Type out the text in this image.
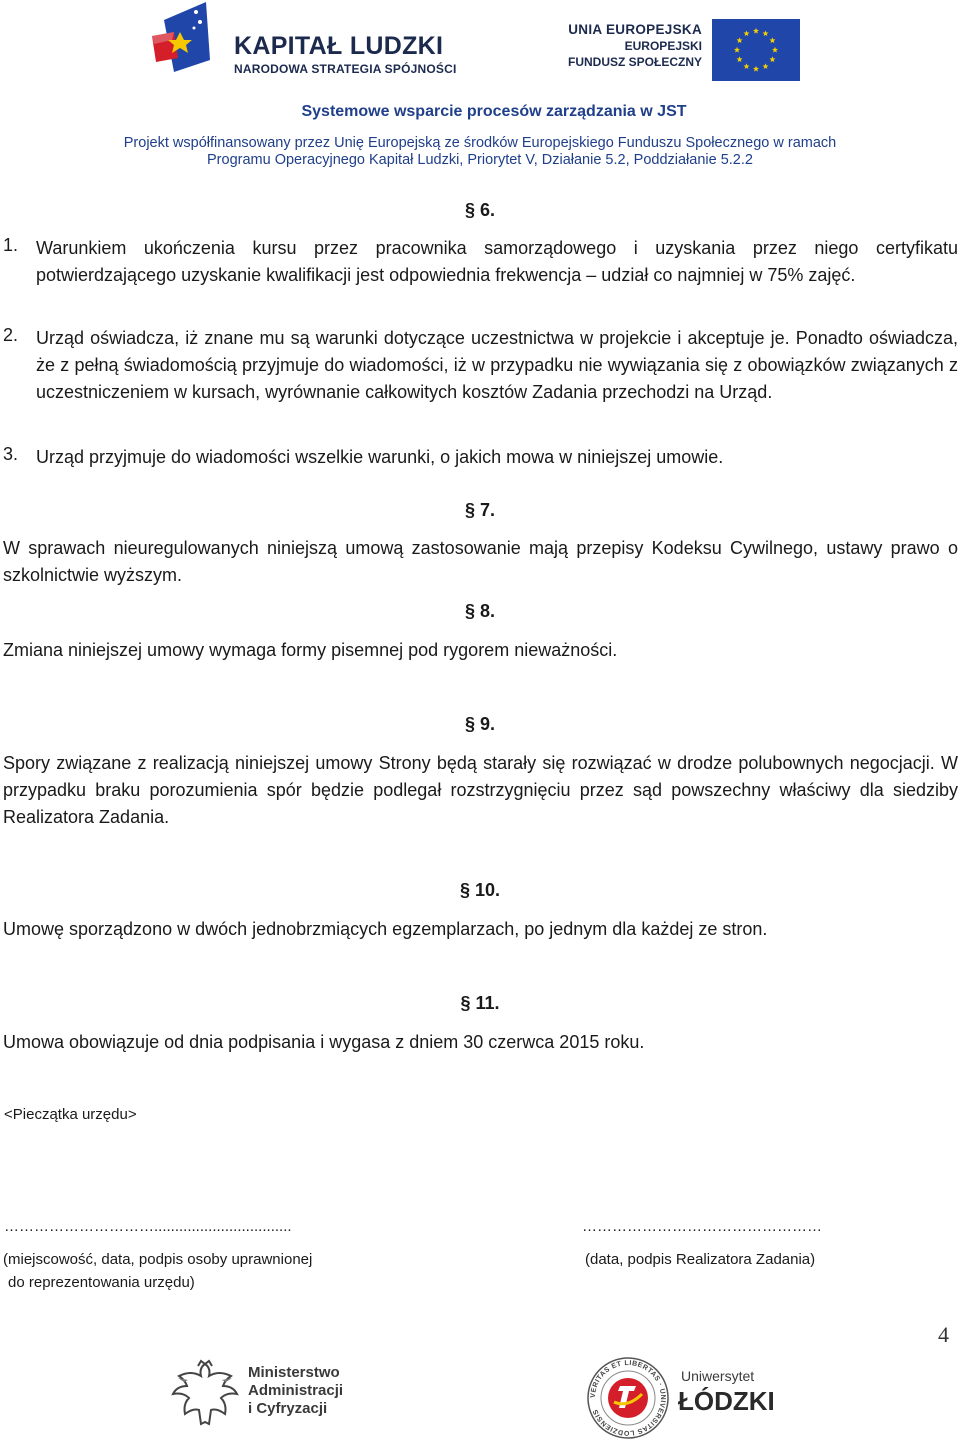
KAPITAŁ LUDZKI
NARODOWA STRATEGIA SPÓJNOŚCI
UNIA EUROPEJSKA
EUROPEJSKI
FUNDUSZ SPOŁECZNY
Systemowe wsparcie procesów zarządzania w JST
Projekt współfinansowany przez Unię Europejską ze środków Europejskiego Funduszu Społecznego w ramach
Programu Operacyjnego Kapitał Ludzki, Priorytet V, Działanie 5.2, Poddziałanie 5.2.2
§ 6.
1. Warunkiem ukończenia kursu przez pracownika samorządowego i uzyskania przez niego certyfikatu potwierdzającego uzyskanie kwalifikacji jest odpowiednia frekwencja – udział co najmniej w 75% zajęć.
2. Urząd oświadcza, iż znane mu są warunki dotyczące uczestnictwa w projekcie i akceptuje je. Ponadto oświadcza, że z pełną świadomością przyjmuje do wiadomości, iż w przypadku nie wywiązania się z obowiązków związanych z uczestniczeniem w kursach, wyrównanie całkowitych kosztów Zadania przechodzi na Urząd.
3. Urząd przyjmuje do wiadomości wszelkie warunki, o jakich mowa w niniejszej umowie.
§ 7.
W sprawach nieuregulowanych niniejszą umową zastosowanie mają przepisy Kodeksu Cywilnego, ustawy prawo o szkolnictwie wyższym.
§ 8.
Zmiana niniejszej umowy wymaga formy pisemnej pod rygorem nieważności.
§ 9.
Spory związane z realizacją niniejszej umowy Strony będą starały się rozwiązać w drodze polubownych negocjacji. W przypadku braku porozumienia spór będzie podlegał rozstrzygnięciu przez sąd powszechny właściwy dla siedziby Realizatora Zadania.
§ 10.
Umowę sporządzono w dwóch jednobrzmiących egzemplarzach, po jednym dla każdej ze stron.
§ 11.
Umowa obowiązuje od dnia podpisania i wygasa z dniem 30 czerwca 2015 roku.
<Pieczątka urzędu>
………………………….................................	…………………………………………
(miejscowość, data, podpis osoby uprawnionej
do reprezentowania urzędu)
(data, podpis Realizatora Zadania)
4
Ministerstwo
Administracji
i Cyfryzacji
VERITAS ET LIBERTAS · UNIVERSITAS LODZIENSIS
Uniwersytet
ŁÓDZKI
